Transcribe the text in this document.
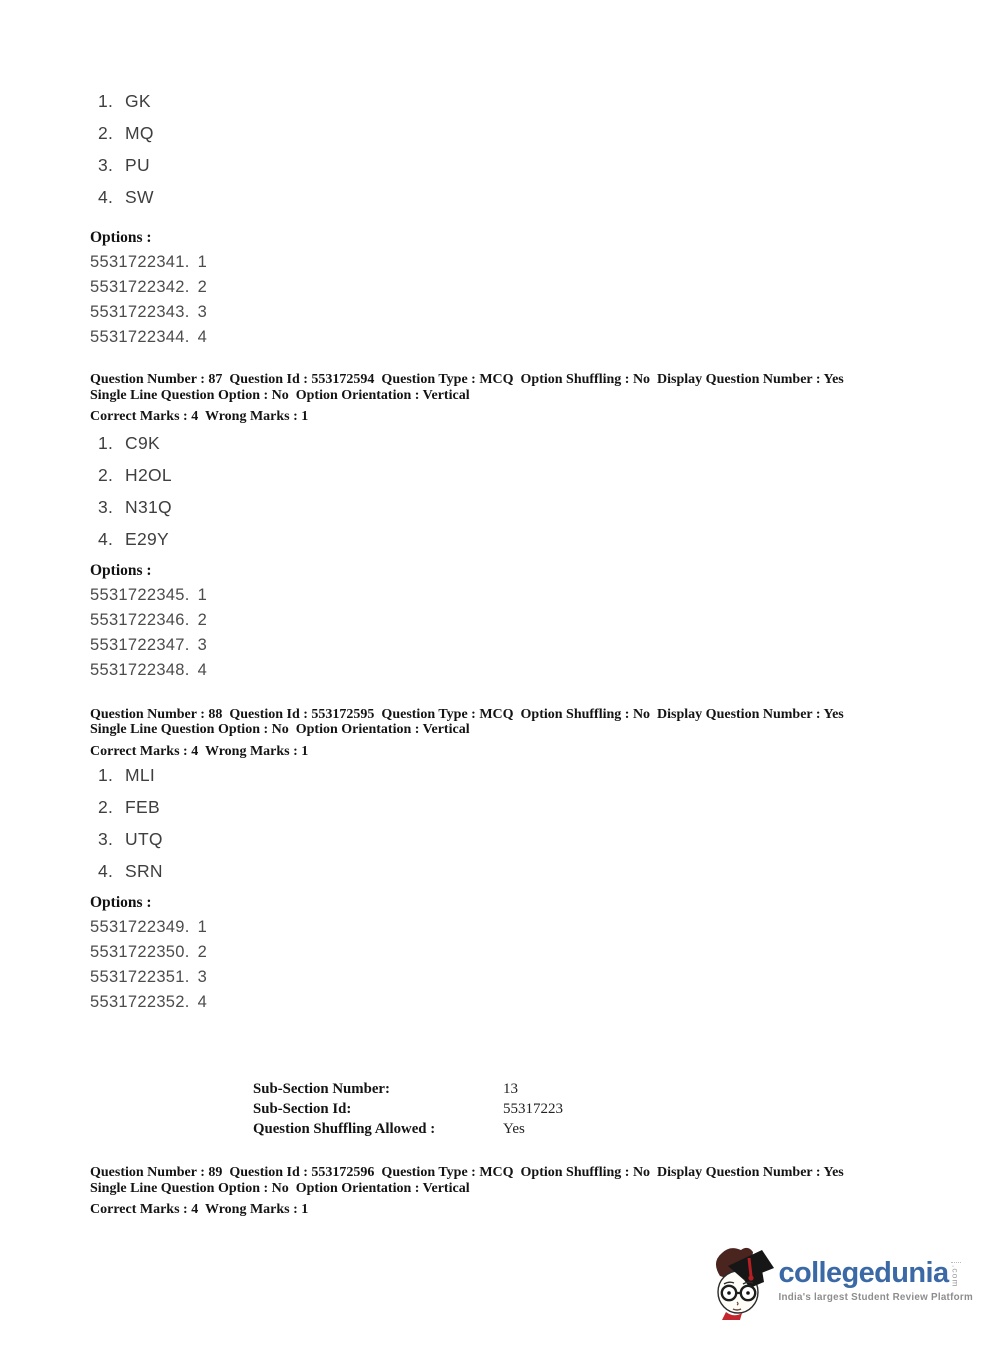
1. GK
2. MQ
3. PU
4. SW
Options :
5531722341. 1
5531722342. 2
5531722343. 3
5531722344. 4
Question Number : 87  Question Id : 553172594  Question Type : MCQ  Option Shuffling : No  Display Question Number : Yes
Single Line Question Option : No  Option Orientation : Vertical
Correct Marks : 4  Wrong Marks : 1
1. C9K
2. H2OL
3. N31Q
4. E29Y
Options :
5531722345. 1
5531722346. 2
5531722347. 3
5531722348. 4
Question Number : 88  Question Id : 553172595  Question Type : MCQ  Option Shuffling : No  Display Question Number : Yes
Single Line Question Option : No  Option Orientation : Vertical
Correct Marks : 4  Wrong Marks : 1
1. MLI
2. FEB
3. UTQ
4. SRN
Options :
5531722349. 1
5531722350. 2
5531722351. 3
5531722352. 4
Sub-Section Number:	13
Sub-Section Id:	55317223
Question Shuffling Allowed :	Yes
Question Number : 89  Question Id : 553172596  Question Type : MCQ  Option Shuffling : No  Display Question Number : Yes
Single Line Question Option : No  Option Orientation : Vertical
Correct Marks : 4  Wrong Marks : 1
collegedunia .com
India's largest Student Review Platform
